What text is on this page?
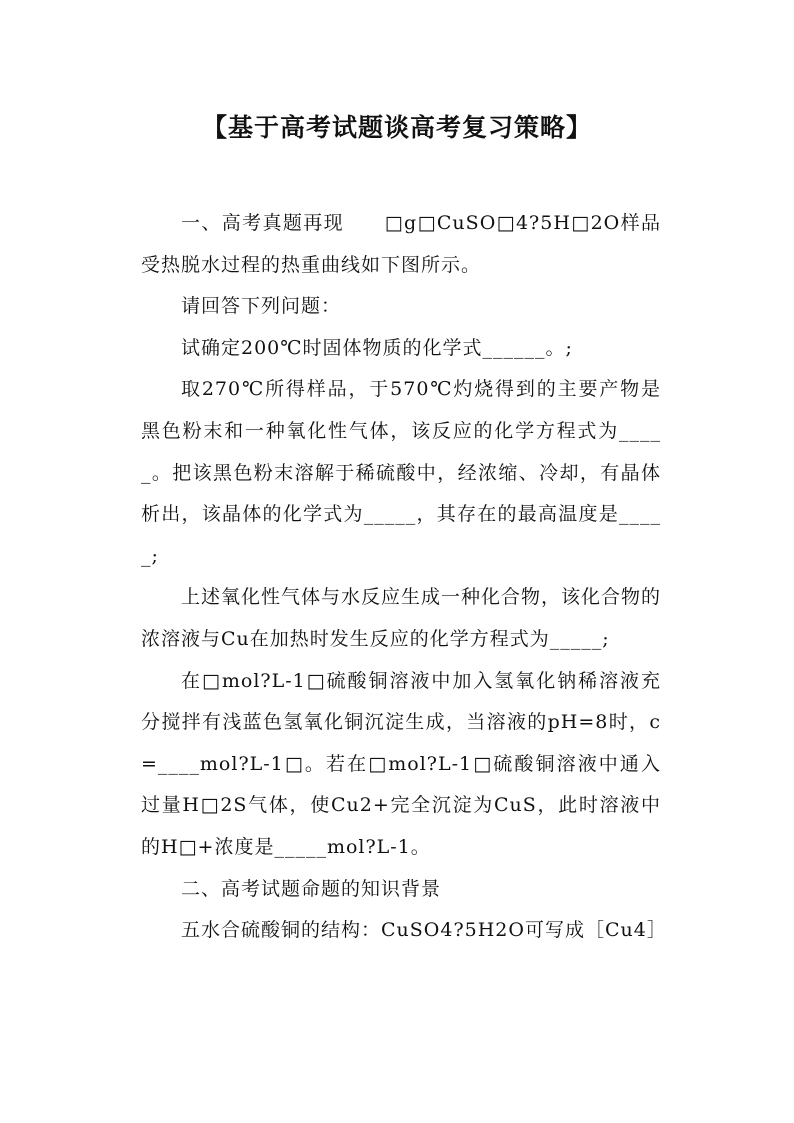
【基于高考试题谈高考复习策略】

一、高考真题再现　　□g□CuSO□4?5H□2O样品受热脱水过程的热重曲线如下图所示。

请回答下列问题：

试确定200℃时固体物质的化学式______。;

取270℃所得样品，于570℃灼烧得到的主要产物是黑色粉末和一种氧化性气体，该反应的化学方程式为_____。把该黑色粉末溶解于稀硫酸中，经浓缩、冷却，有晶体析出，该晶体的化学式为_____，其存在的最高温度是_____;

上述氧化性气体与水反应生成一种化合物，该化合物的浓溶液与Cu在加热时发生反应的化学方程式为_____;

在□mol?L-1□硫酸铜溶液中加入氢氧化钠稀溶液充分搅拌有浅蓝色氢氧化铜沉淀生成，当溶液的pH=8时，c=____mol?L-1□。若在□mol?L-1□硫酸铜溶液中通入过量H□2S气体，使Cu2+完全沉淀为CuS，此时溶液中的H□+浓度是_____mol?L-1。

二、高考试题命题的知识背景

五水合硫酸铜的结构：CuSO4?5H2O可写成［Cu4］
